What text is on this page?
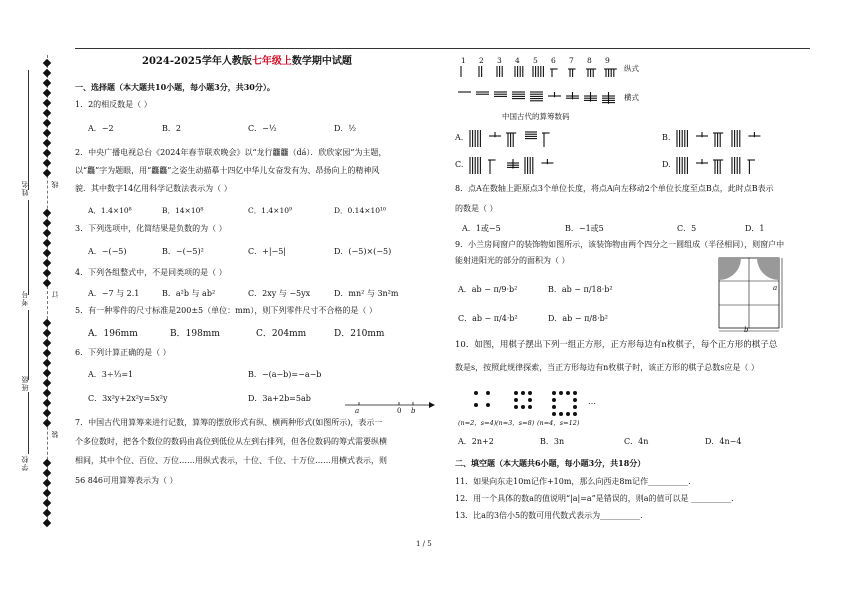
姓名
考号
班级
学校
线
订
装
2024-2025学年人教版七年级上数学期中试题
一、选择题（本大题共10小题，每小题3分，共30分）。
1．2的相反数是（ ）
A．−2	B．2	C．−½	D．½
2．中央广播电视总台《2024年春节联欢晚会》以“龙行龘龘（dá）．欣欣家园”为主题，
以“龘”字为题眼，用“龘龘”之姿生动描摹十四亿中华儿女奋发有为、昂扬向上的精神风
貌．其中数字14亿用科学记数法表示为（ ）
A．1.4×10⁸	B．14×10⁸	C．1.4×10⁹	D．0.14×10¹⁰
3．下列选项中，化简结果是负数的为（ ）
A．−(−5)	B．−(−5)²	C．+|−5|	D．(−5)×(−5)
4．下列各组整式中，不是同类项的是（ ）
A．−7 与 2.1	B．a²b 与 ab²	C．2xy 与 −5yx	D．mn² 与 3n²m
5．有一种零件的尺寸标准是200±5（单位：mm），则下列零件尺寸不合格的是（ ）
A．196mm	B．198mm	C．204mm	D．210mm
6．下列计算正确的是（ ）
A．3÷⅓=1	B．−(a−b)=−a−b
C．3x²y+2x²y=5x²y	D．3a+2b=5ab
a	0 b
7．中国古代用算筹来进行记数，算筹的摆放形式有纵、横两种形式(如图所示)，表示一
个多位数时，把各个数位的数码由高位到低位从左到右排列，但各位数码的筹式需要纵横
相间，其中个位、百位、万位……用纵式表示，十位、千位、十万位……用横式表示，则
56 846可用算筹表示为（ ）
1 2 3 4 5 6 7 8 9
纵式
横式
中国古代的算筹数码
A.	B.
C.	D.
8．点A在数轴上距原点3个单位长度，将点A向左移动2个单位长度至点B点，此时点B表示
的数是（ ）
A．1或−5	B．−1或5	C．5	D．1
9．小兰房间窗户的装饰物如图所示，该装饰物由两个四分之一圆组成（半径相同），则窗户中
能射进阳光的部分的面积为（ ）
A．ab − π/9·b²	B．ab − π/18·b²
C．ab − π/4·b²	D．ab − π/8·b²
a
b
10．如图，用棋子摆出下列一组正方形，正方形每边有n枚棋子，每个正方形的棋子总
数是s，按照此规律探索，当正方形每边有n枚棋子时，该正方形的棋子总数s应是（ ）
…
(n=2，s=4) (n=3，s=8) (n=4，s=12)
A．2n+2	B．3n	C．4n	D．4n−4
二、填空题（本大题共6小题，每小题3分，共18分）
11．如果向东走10m记作+10m，那么向西走8m记作__________．
12．用一个具体的数a的值说明“|a|=a”是错误的，则a的值可以是 __________．
13．比a的3倍小5的数可用代数式表示为__________．
1 / 5
